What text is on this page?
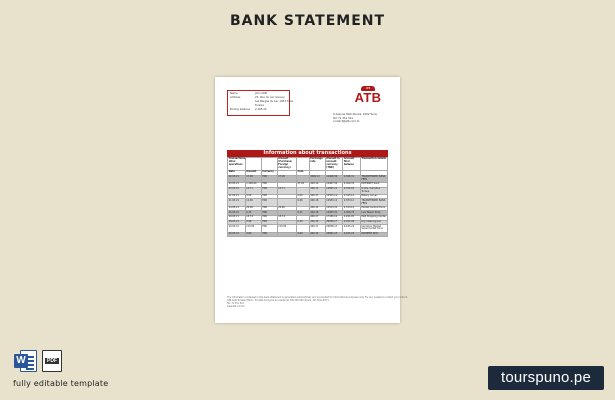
BANK STATEMENT
Name	John DOE
Address	23, Rue du Lac Annecy
Les Berges du Lac 1053 Tunis
Tunisia
Ending balance	2,165.22
ATB
ATB
9 Avenue Hédi Nouira, 1002 Tunis
Tel: 71 351 321
contact@atb.com.tn
Information about transactions
Transactions, other operations			Amount (Purchase/ Foreign currency)		Exchange rate	Amount in account currency (TND)	Account final balance	Transaction details
Date	Amount	Currency		Com.				
02.05.21	17.00	TND	17.00		4000.13	12406.50	2,366.31	TRANSFERRED BANK FEES
03.05.21	1,100.00	TND		27.02	400.14	12487.50	2,369.33	INTERNET SALE
03.05.21	14.71	TND	14.71		400.13	12805.21	2,354.62	G.O.G. Carrefour Tunisia
11.05.21	9.50	TND		0.60	400.13	12503.11	2,345.12	Bakery Le Lac
11.05.21	12.00	TND		0.60	400.18	12583.11	2,333.12	TRANSFERRED BANK FEES
14.05.21	20.00	TND	20.00		400.14	12523.31	2,313.12	Market Central Tunis
15.05.21	6.33	TND		0.31	400.18	12563.31	2,306.79	Lulu Beach Shop
16.05.21	15.74	TND	15.74		400.17	17186.11	2,291.05	Mall Shopping Center
18.05.21	9.99	TND		0.30	400.16	20836.17	2,281.06	Dry Cleaning Lac
20.05.21	115.84	TND	115.84		400.17	20836.17	2,165.22	Carrefour Market Supermarket Tunis
22.05.21	9.99	TND		0.60	400.12	20891.23	2,165.22	PAYMENT ATM
The information contained in this bank statement is generated automatically and is provided for informational purposes only. For any questions contact your branch.
ATB Arab Tunisian Bank - Société Anonyme au capital de 100 000 000 dinars - RC Tunis B171
Tel: 71 351 321
www.atb.com.tn
W	PDF
fully editable template	tourspuno.pe
